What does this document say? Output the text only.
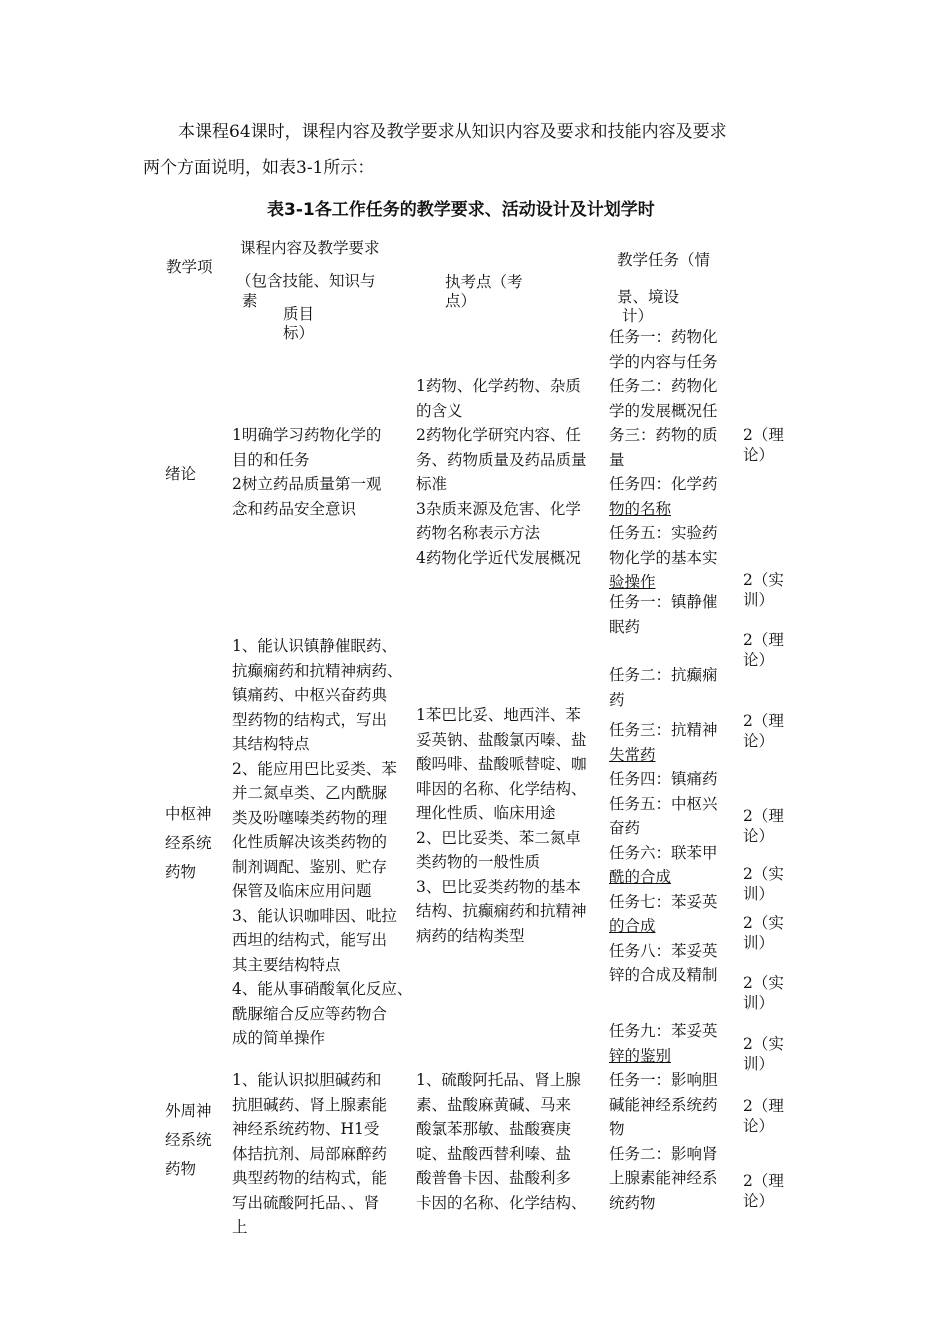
本课程64课时，课程内容及教学要求从知识内容及要求和技能内容及要求
两个方面说明，如表3-1所示：
表3-1各工作任务的教学要求、活动设计及计划学时
教学项
课程内容及教学要求
（包含技能、知识与
素
质目
标）
执考点（考
点）
教学任务（情
景、境设
计）
绪论
1明确学习药物化学的
目的和任务
2树立药品质量第一观
念和药品安全意识
1药物、化学药物、杂质
的含义
2药物化学研究内容、任
务、药物质量及药品质量
标准
3杂质来源及危害、化学
药物名称表示方法
4药物化学近代发展概况
任务一：药物化
学的内容与任务
任务二：药物化
学的发展概况任
务三：药物的质
量
任务四：化学药
物的名称
任务五：实验药
物化学的基本实
验操作
2（理
论）
2（实
训）
中枢神
经系统
药物
1、能认识镇静催眠药、
抗癫痫药和抗精神病药、
镇痛药、中枢兴奋药典
型药物的结构式，写出
其结构特点
2、能应用巴比妥类、苯
并二氮卓类、乙内酰脲
类及吩噻嗪类药物的理
化性质解决该类药物的
制剂调配、鉴别、贮存
保管及临床应用问题
3、能认识咖啡因、吡拉
西坦的结构式，能写出
其主要结构特点
4、能从事硝酸氧化反应、
酰脲缩合反应等药物合
成的简单操作
1苯巴比妥、地西泮、苯
妥英钠、盐酸氯丙嗪、盐
酸吗啡、盐酸哌替啶、咖
啡因的名称、化学结构、
理化性质、临床用途
2、巴比妥类、苯二氮卓
类药物的一般性质
3、巴比妥类药物的基本
结构、抗癫痫药和抗精神
病药的结构类型
任务一：镇静催
眠药
任务二：抗癫痫
药
任务三：抗精神
失常药
任务四：镇痛药
任务五：中枢兴
奋药
任务六：联苯甲
酰的合成
任务七：苯妥英
的合成
任务八：苯妥英
锌的合成及精制
任务九：苯妥英
锌的鉴别
2（理
论）
2（理
论）
2（理
论）
2（实
训）
2（实
训）
2（实
训）
2（实
训）
外周神
经系统
药物
1、能认识拟胆碱药和
抗胆碱药、肾上腺素能
神经系统药物、H1受
体拮抗剂、局部麻醉药
典型药物的结构式，能
写出硫酸阿托品、、肾
上
1、硫酸阿托品、肾上腺
素、盐酸麻黄碱、马来
酸氯苯那敏、盐酸赛庚
啶、盐酸西替利嗪、盐
酸普鲁卡因、盐酸利多
卡因的名称、化学结构、
任务一：影响胆
碱能神经系统药
物
任务二：影响肾
上腺素能神经系
统药物
2（理
论）
2（理
论）
